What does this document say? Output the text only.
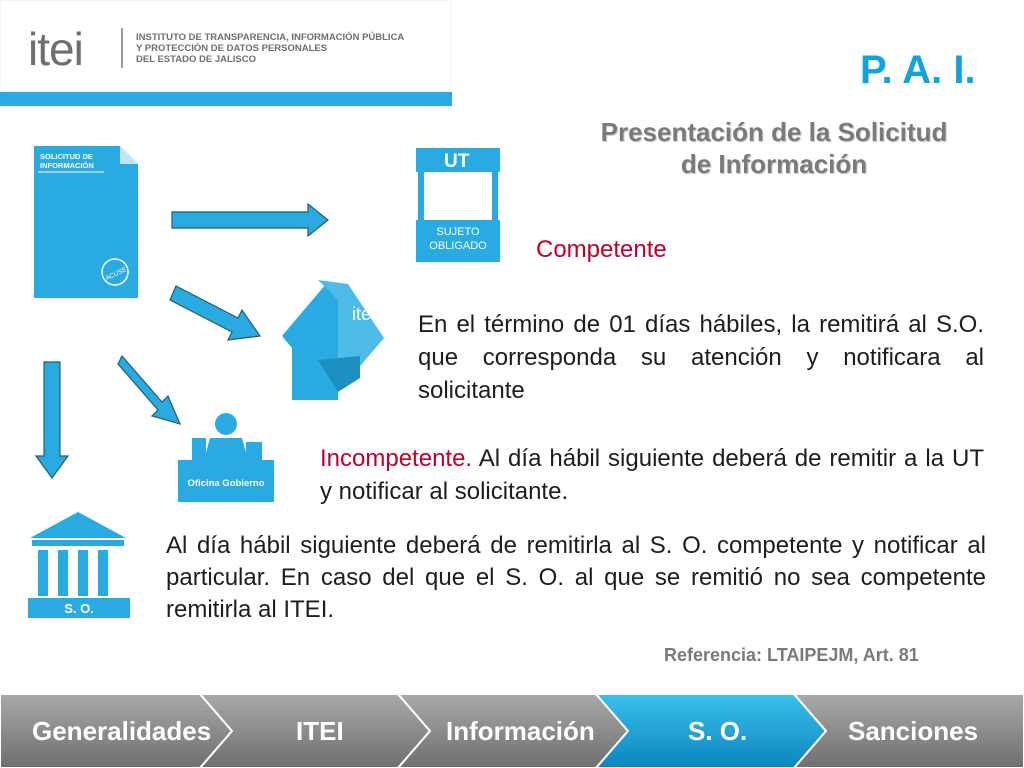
itei	INSTITUTO DE TRANSPARENCIA, INFORMACIÓN PÚBLICA
Y PROTECCIÓN DE DATOS PERSONALES
DEL ESTADO DE JALISCO	P. A. I.
Presentación de la Solicitud
de Información
SOLICITUD DE
INFORMACIÓN
ACUSE
UT
SUJETO
OBLIGADO
itei
Oficina Gobierno
S. O.
Competente
En el término de 01 días hábiles, la remitirá al S.O. que corresponda su atención y notificara al solicitante
Incompetente. Al día hábil siguiente deberá de remitir a la UT y notificar al solicitante.
Al día hábil siguiente deberá de remitirla al S. O. competente y notificar al particular. En caso del que el S. O. al que se remitió no sea competente remitirla al ITEI.
Referencia: LTAIPEJM, Art. 81
Generalidades	ITEI	Información	S. O.	Sanciones
